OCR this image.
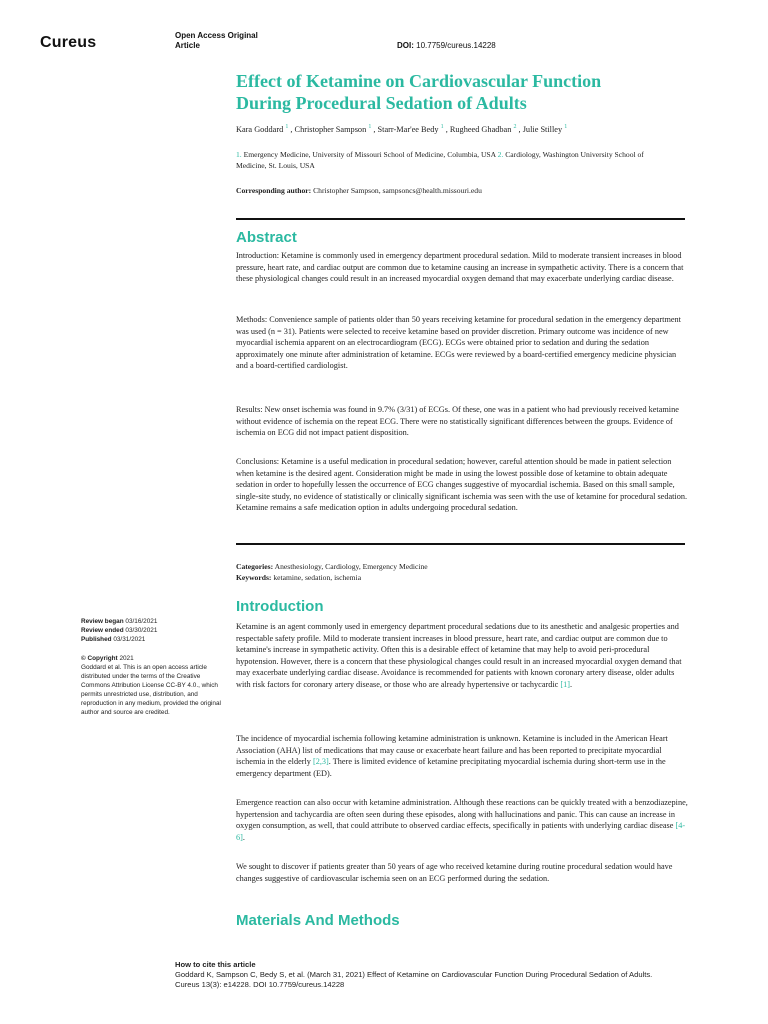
Cureus	Open Access Original
Article	DOI: 10.7759/cureus.14228
Effect of Ketamine on Cardiovascular Function
During Procedural Sedation of Adults
Kara Goddard $^1$ , Christopher Sampson $^1$ , Starr-Mar'ee Bedy $^1$ , Rugheed Ghadban $^2$ , Julie Stilley $^1$
1. Emergency Medicine, University of Missouri School of Medicine, Columbia, USA 2. Cardiology, Washington University School of Medicine, St. Louis, USA
Corresponding author: Christopher Sampson, sampsoncs@health.missouri.edu
Abstract

Introduction: Ketamine is commonly used in emergency department procedural sedation. Mild to moderate transient increases in blood pressure, heart rate, and cardiac output are common due to ketamine causing an increase in sympathetic activity. There is a concern that these physiological changes could result in an increased myocardial oxygen demand that may exacerbate underlying cardiac disease.

Methods: Convenience sample of patients older than 50 years receiving ketamine for procedural sedation in the emergency department was used (n = 31). Patients were selected to receive ketamine based on provider discretion. Primary outcome was incidence of new myocardial ischemia apparent on an electrocardiogram (ECG). ECGs were obtained prior to sedation and during the sedation approximately one minute after administration of ketamine. ECGs were reviewed by a board-certified emergency medicine physician and a board-certified cardiologist.

Results: New onset ischemia was found in 9.7% (3/31) of ECGs. Of these, one was in a patient who had previously received ketamine without evidence of ischemia on the repeat ECG. There were no statistically significant differences between the groups. Evidence of ischemia on ECG did not impact patient disposition.

Conclusions: Ketamine is a useful medication in procedural sedation; however, careful attention should be made in patient selection when ketamine is the desired agent. Consideration might be made in using the lowest possible dose of ketamine to obtain adequate sedation in order to hopefully lessen the occurrence of ECG changes suggestive of myocardial ischemia. Based on this small sample, single-site study, no evidence of statistically or clinically significant ischemia was seen with the use of ketamine for procedural sedation. Ketamine remains a safe medication option in adults undergoing procedural sedation.

Categories: Anesthesiology, Cardiology, Emergency Medicine
Keywords: ketamine, sedation, ischemia
Review began 03/16/2021
Review ended 03/30/2021
Published 03/31/2021
© Copyright 2021
Goddard et al. This is an open access article distributed under the terms of the Creative Commons Attribution License CC-BY 4.0., which permits unrestricted use, distribution, and reproduction in any medium, provided the original author and source are credited.
Introduction

Ketamine is an agent commonly used in emergency department procedural sedations due to its anesthetic and analgesic properties and respectable safety profile. Mild to moderate transient increases in blood pressure, heart rate, and cardiac output are common due to ketamine's increase in sympathetic activity. Often this is a desirable effect of ketamine that may help to avoid peri-procedural hypotension. However, there is a concern that these physiological changes could result in an increased myocardial oxygen demand that may exacerbate underlying cardiac disease. Avoidance is recommended for patients with known coronary artery disease, older adults with risk factors for coronary artery disease, or those who are already hypertensive or tachycardic [1].

The incidence of myocardial ischemia following ketamine administration is unknown. Ketamine is included in the American Heart Association (AHA) list of medications that may cause or exacerbate heart failure and has been reported to precipitate myocardial ischemia in the elderly [2,3]. There is limited evidence of ketamine precipitating myocardial ischemia during short-term use in the emergency department (ED).

Emergence reaction can also occur with ketamine administration. Although these reactions can be quickly treated with a benzodiazepine, hypertension and tachycardia are often seen during these episodes, along with hallucinations and panic. This can cause an increase in oxygen consumption, as well, that could attribute to observed cardiac effects, specifically in patients with underlying cardiac disease [4-6].

We sought to discover if patients greater than 50 years of age who received ketamine during routine procedural sedation would have changes suggestive of cardiovascular ischemia seen on an ECG performed during the sedation.

Materials And Methods
How to cite this article
Goddard K, Sampson C, Bedy S, et al. (March 31, 2021) Effect of Ketamine on Cardiovascular Function During Procedural Sedation of Adults.
Cureus 13(3): e14228. DOI 10.7759/cureus.14228
